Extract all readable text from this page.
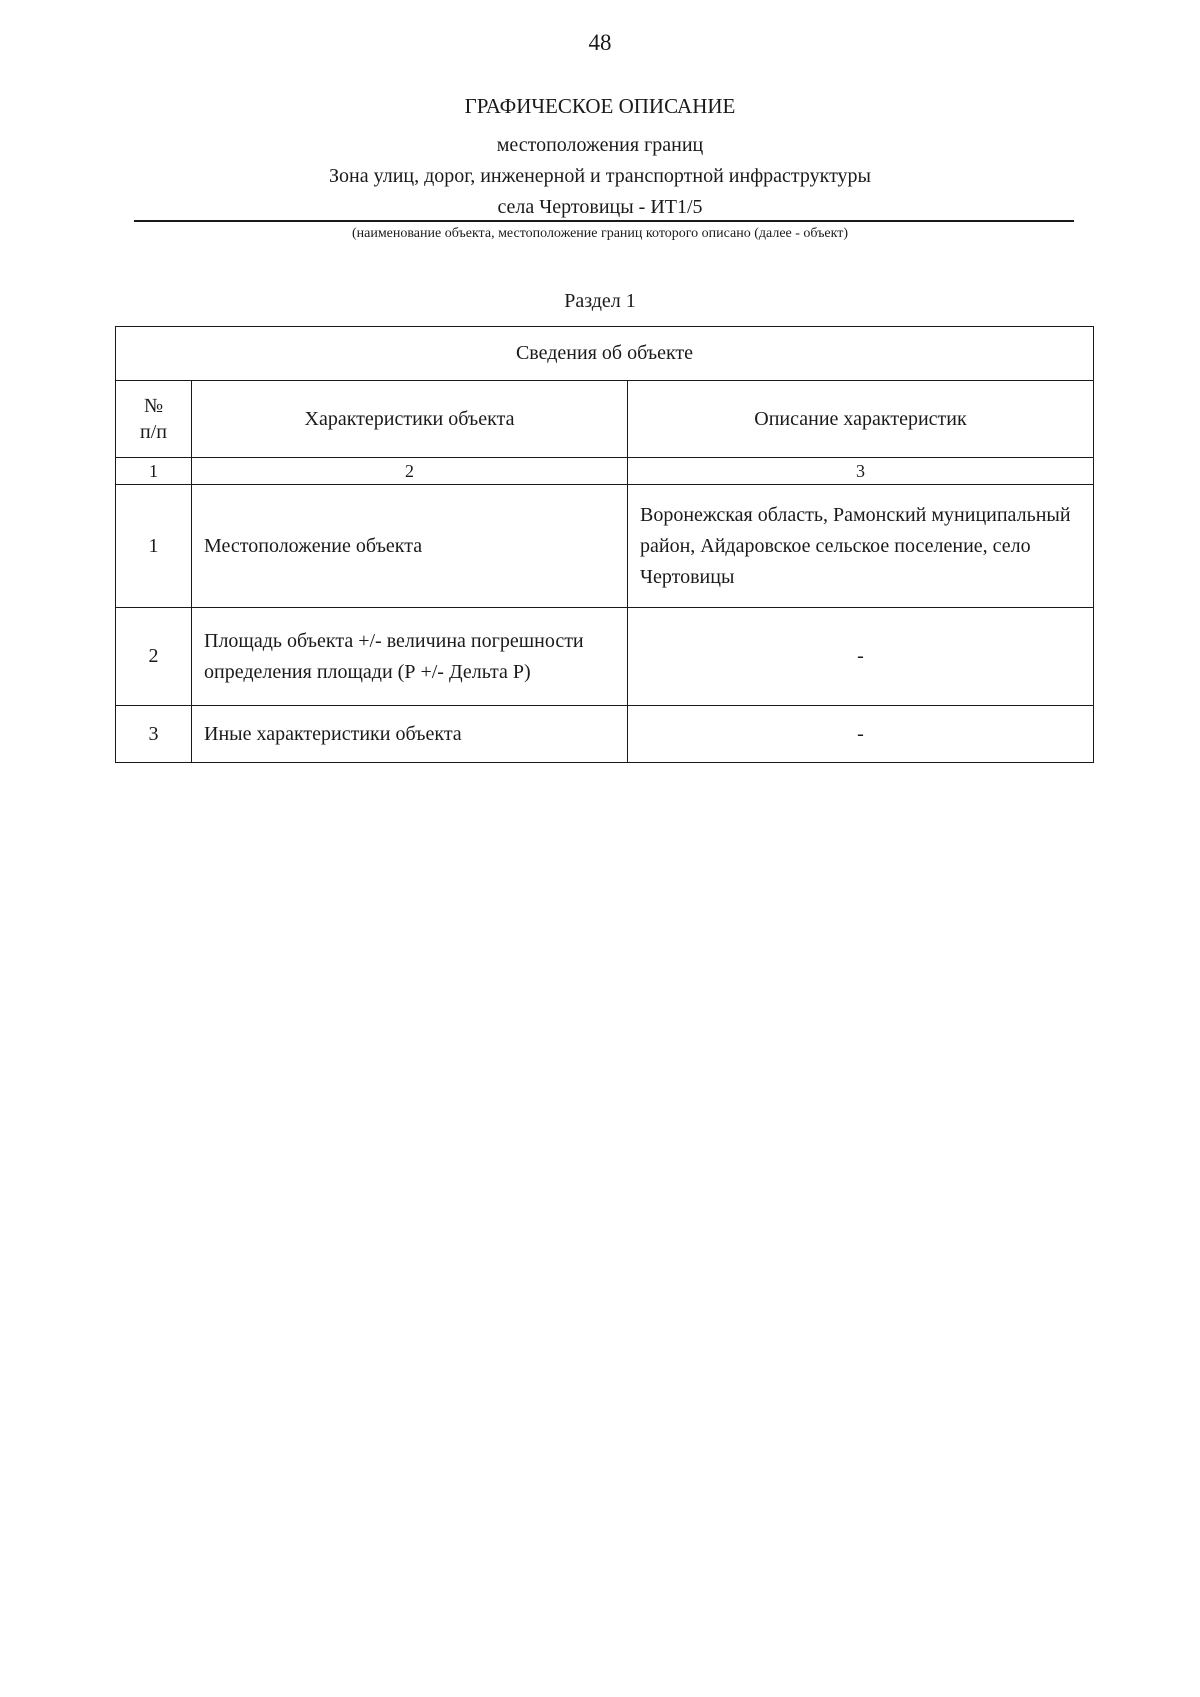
48
ГРАФИЧЕСКОЕ ОПИСАНИЕ
местоположения границ
Зона улиц, дорог, инженерной и транспортной инфраструктуры
села Чертовицы - ИТ1/5
(наименование объекта, местоположение границ которого описано (далее - объект)
Раздел 1
Сведения об объекте		

№
п/п	Характеристики объекта	Описание характеристик
1	2	3
1	Местоположение объекта	Воронежская область, Рамонский муниципальный район, Айдаровское сельское поселение, село Чертовицы
2	Площадь объекта +/- величина погрешности определения площади (Р +/- Дельта Р)	-
3	Иные характеристики объекта	-
